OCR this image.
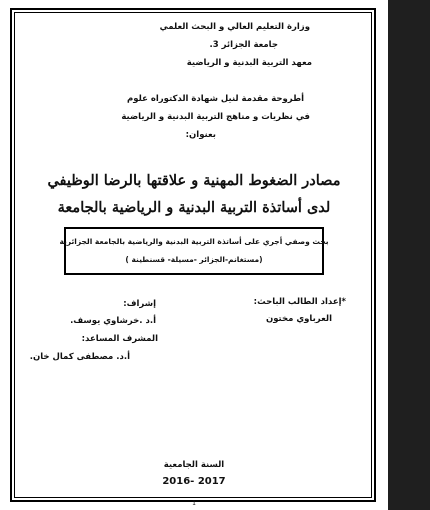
وزارة التعليم العالي و البحث العلمي
جامعة الجزائر 3.
معهد التربية البدنية و الرياضية
أطروحة مقدمة لنيل شهادة الدكتوراه علوم
في نظريات و مناهج التربية البدنية و الرياضية
بعنوان:
مصادر الضغوط المهنية و علاقتها بالرضا الوظيفي
لدى أساتذة التربية البدنية و الرياضية بالجامعة
بحث وصفي أجري على أساتذة التربية البدنية والرياضية بالجامعة الجزائرية
(مستغانم-الجزائر -مسيلة- قسنطينة )
*إعداد الطالب الباحث:
العرباوي مختون
إشراف:
أ.د .خرشاوي يوسف.
المشرف المساعد:
أ.د. مصطفى كمال خان.
السنة الجامعية
2017 -2016
1
